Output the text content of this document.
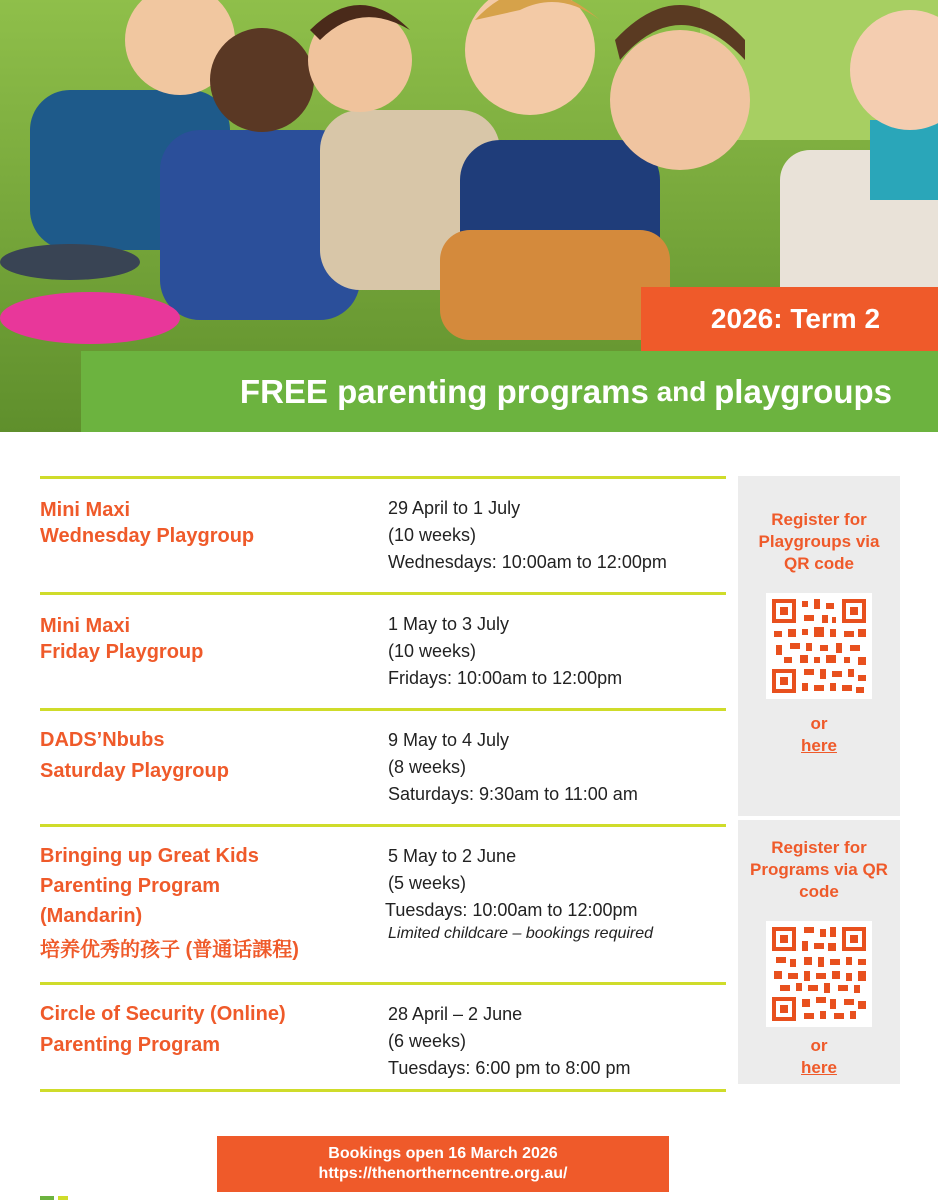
2026: Term 2
FREE parenting programs and playgroups
Mini Maxi
Wednesday Playgroup
29 April to 1 July
(10 weeks)
Wednesdays: 10:00am to 12:00pm
Mini Maxi
Friday Playgroup
1 May to 3 July
(10 weeks)
Fridays: 10:00am to 12:00pm
DADS’Nbubs
Saturday Playgroup
9 May to 4 July
(8 weeks)
Saturdays: 9:30am to 11:00 am
Bringing up Great Kids
Parenting Program
(Mandarin)
培养优秀的孩子 (普通话課程)
5 May to 2 June
(5 weeks)
Tuesdays: 10:00am to 12:00pm
Limited childcare – bookings required
Circle of Security (Online)
Parenting Program
28 April – 2 June
(6 weeks)
Tuesdays: 6:00 pm to 8:00 pm
Register for Playgroups via QR code
or
here
Register for Programs via QR code
or
here
Bookings open 16 March 2026
https://thenortherncentre.org.au/
